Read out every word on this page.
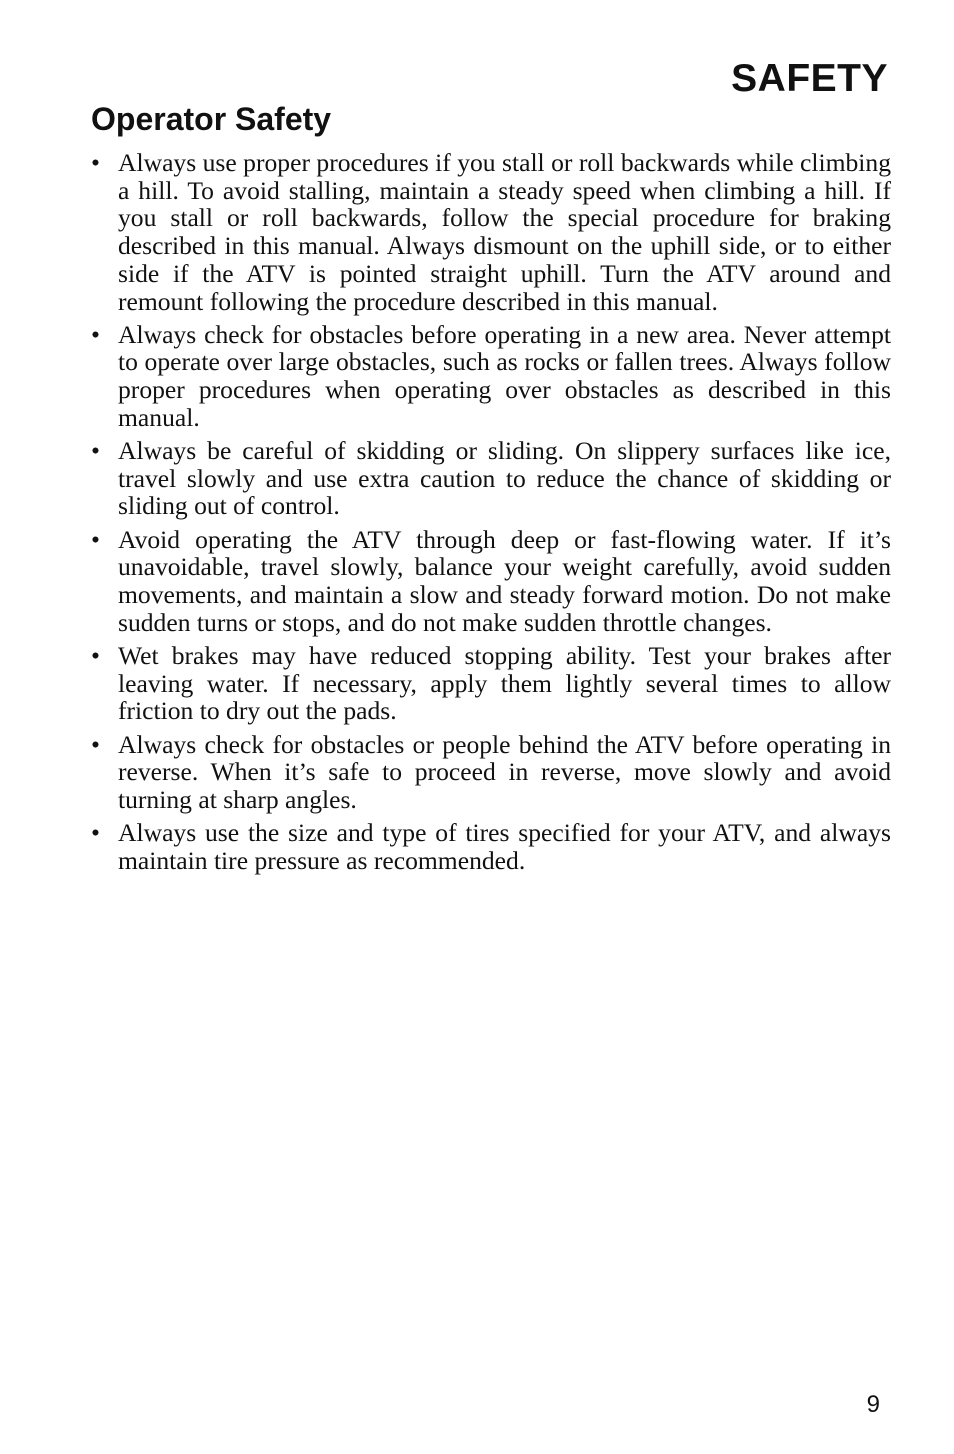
SAFETY
Operator Safety
• Always use proper procedures if you stall or roll backwards while climbing a hill. To avoid stalling, maintain a steady speed when climbing a hill. If you stall or roll backwards, follow the special procedure for braking described in this manual. Always dismount on the uphill side, or to either side if the ATV is pointed straight uphill. Turn the ATV around and remount following the procedure described in this manual.
• Always check for obstacles before operating in a new area. Never attempt to operate over large obstacles, such as rocks or fallen trees. Always follow proper procedures when operating over obstacles as described in this manual.
• Always be careful of skidding or sliding. On slippery surfaces like ice, travel slowly and use extra caution to reduce the chance of skidding or sliding out of control.
• Avoid operating the ATV through deep or fast-flowing water. If it’s unavoidable, travel slowly, balance your weight carefully, avoid sudden movements, and maintain a slow and steady forward motion. Do not make sudden turns or stops, and do not make sudden throttle changes.
• Wet brakes may have reduced stopping ability. Test your brakes after leaving water. If necessary, apply them lightly several times to allow friction to dry out the pads.
• Always check for obstacles or people behind the ATV before operating in reverse. When it’s safe to proceed in reverse, move slowly and avoid turning at sharp angles.
• Always use the size and type of tires specified for your ATV, and always maintain tire pressure as recommended.

9
